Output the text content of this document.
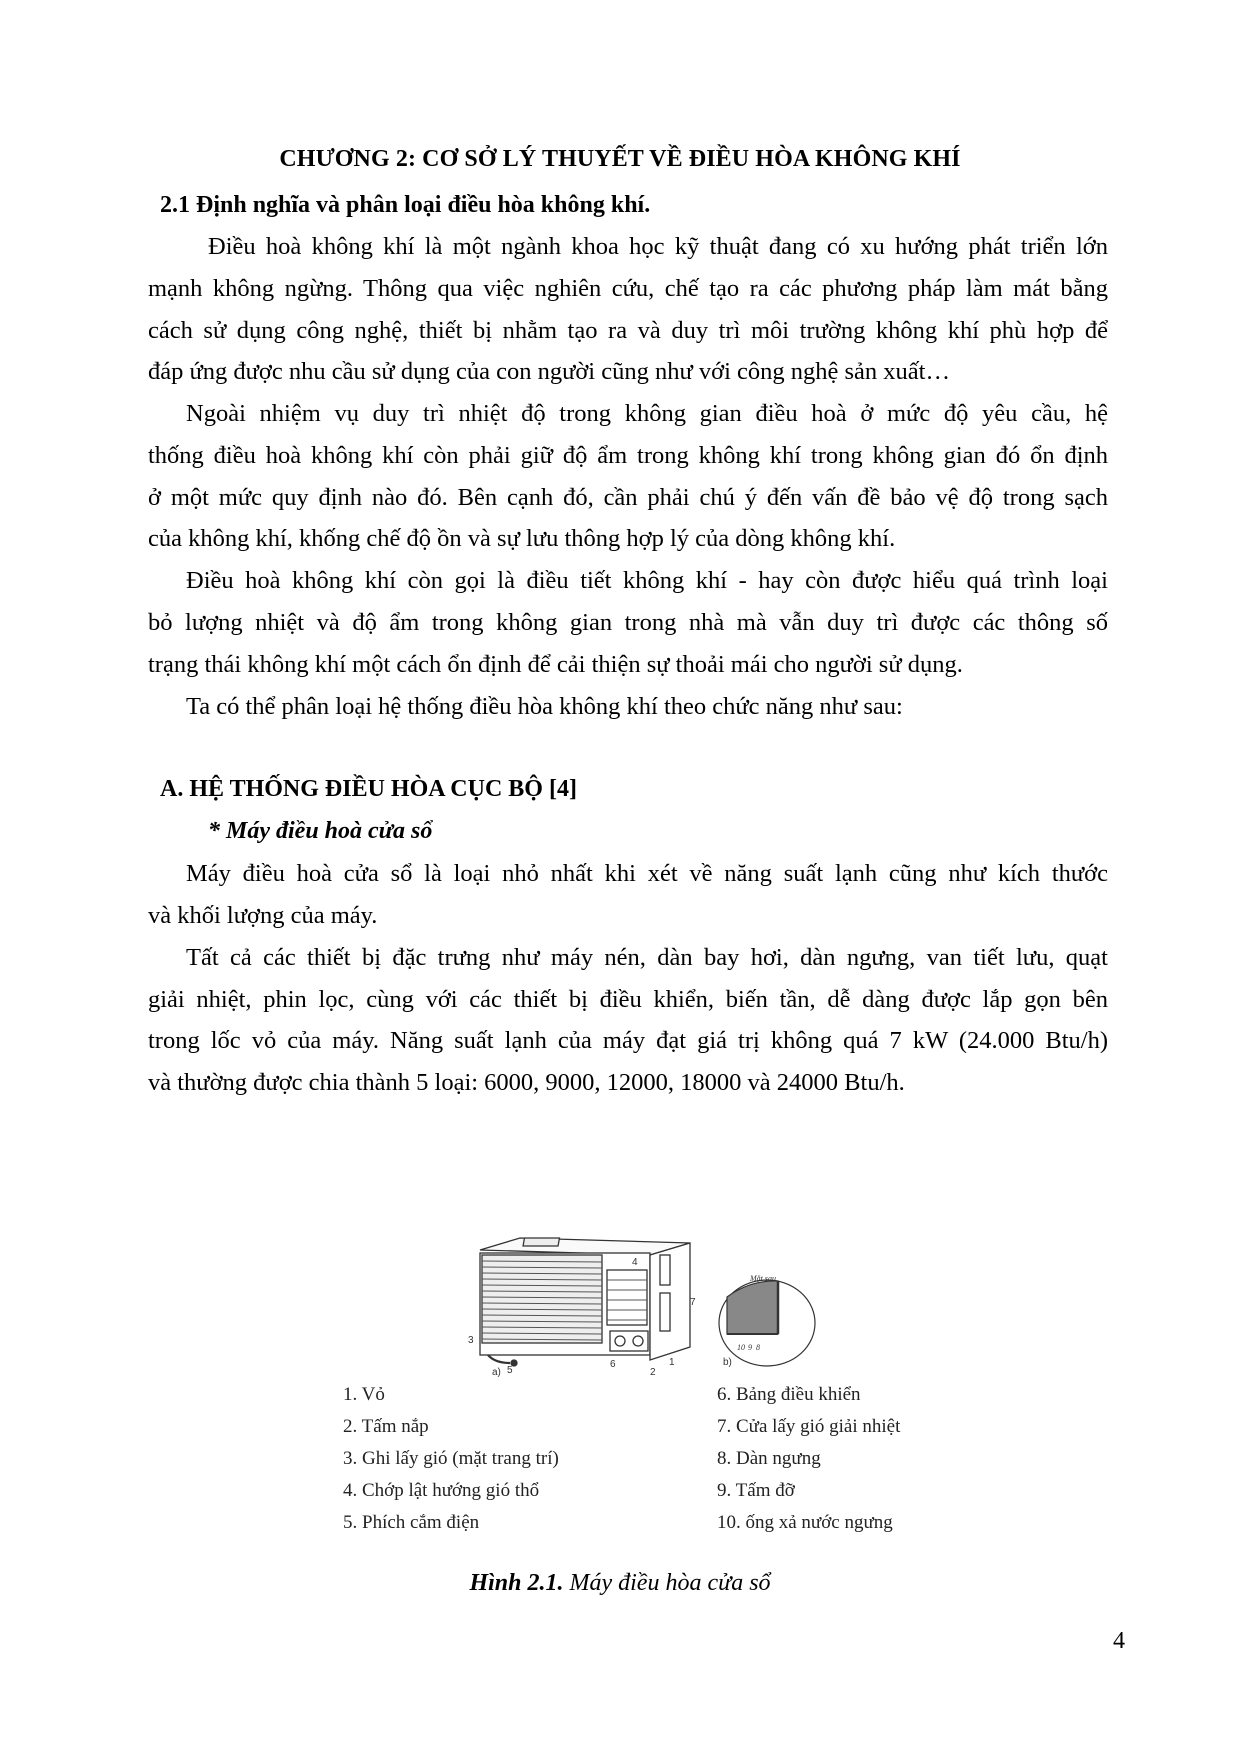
CHƯƠNG 2: CƠ SỞ LÝ THUYẾT VỀ ĐIỀU HÒA KHÔNG KHÍ
2.1 Định nghĩa và phân loại điều hòa không khí.
Điều hoà không khí là một ngành khoa học kỹ thuật đang có xu hướng phát triển lớn
mạnh không ngừng. Thông qua việc nghiên cứu, chế tạo ra các phương pháp làm mát bằng
cách sử dụng công nghệ, thiết bị nhằm tạo ra và duy trì môi trường không khí phù hợp để
đáp ứng được nhu cầu sử dụng của con người cũng như với công nghệ sản xuất…
Ngoài nhiệm vụ duy trì nhiệt độ trong không gian điều hoà ở mức độ yêu cầu, hệ
thống điều hoà không khí còn phải giữ độ ẩm trong không khí trong không gian đó ổn định
ở một mức quy định nào đó. Bên cạnh đó, cần phải chú ý đến vấn đề bảo vệ độ trong sạch
của không khí, khống chế độ ồn và sự lưu thông hợp lý của dòng không khí.
Điều hoà không khí còn gọi là điều tiết không khí - hay còn được hiểu quá trình loại
bỏ lượng nhiệt và độ ẩm trong không gian trong nhà mà vẫn duy trì được các thông số
trạng thái không khí một cách ổn định để cải thiện sự thoải mái cho người sử dụng.
Ta có thể phân loại hệ thống điều hòa không khí theo chức năng như sau:
A. HỆ THỐNG ĐIỀU HÒA CỤC BỘ [4]
* Máy điều hoà cửa sổ
Máy điều hoà cửa sổ là loại nhỏ nhất khi xét về năng suất lạnh cũng như kích thước
và khối lượng của máy.
Tất cả các thiết bị đặc trưng như máy nén, dàn bay hơi, dàn ngưng, van tiết lưu, quạt
giải nhiệt, phin lọc, cùng với các thiết bị điều khiển, biến tần, dễ dàng được lắp gọn bên
trong lốc vỏ của máy. Năng suất lạnh của máy đạt giá trị không quá 7 kW (24.000 Btu/h)
và thường được chia thành 5 loại: 6000, 9000, 12000, 18000 và 24000 Btu/h.
3
4
5
6
7
1
2
a)
b)
Mặt sau
10 9 8
1. Vỏ
2. Tấm nắp
3. Ghi lấy gió (mặt trang trí)
4. Chớp lật hướng gió thổ
5. Phích cắm điện
6. Bảng điều khiển
7. Cửa lấy gió giải nhiệt
8. Dàn ngưng
9. Tấm đỡ
10. ống xả nước ngưng
Hình 2.1. Máy điều hòa cửa sổ
4
